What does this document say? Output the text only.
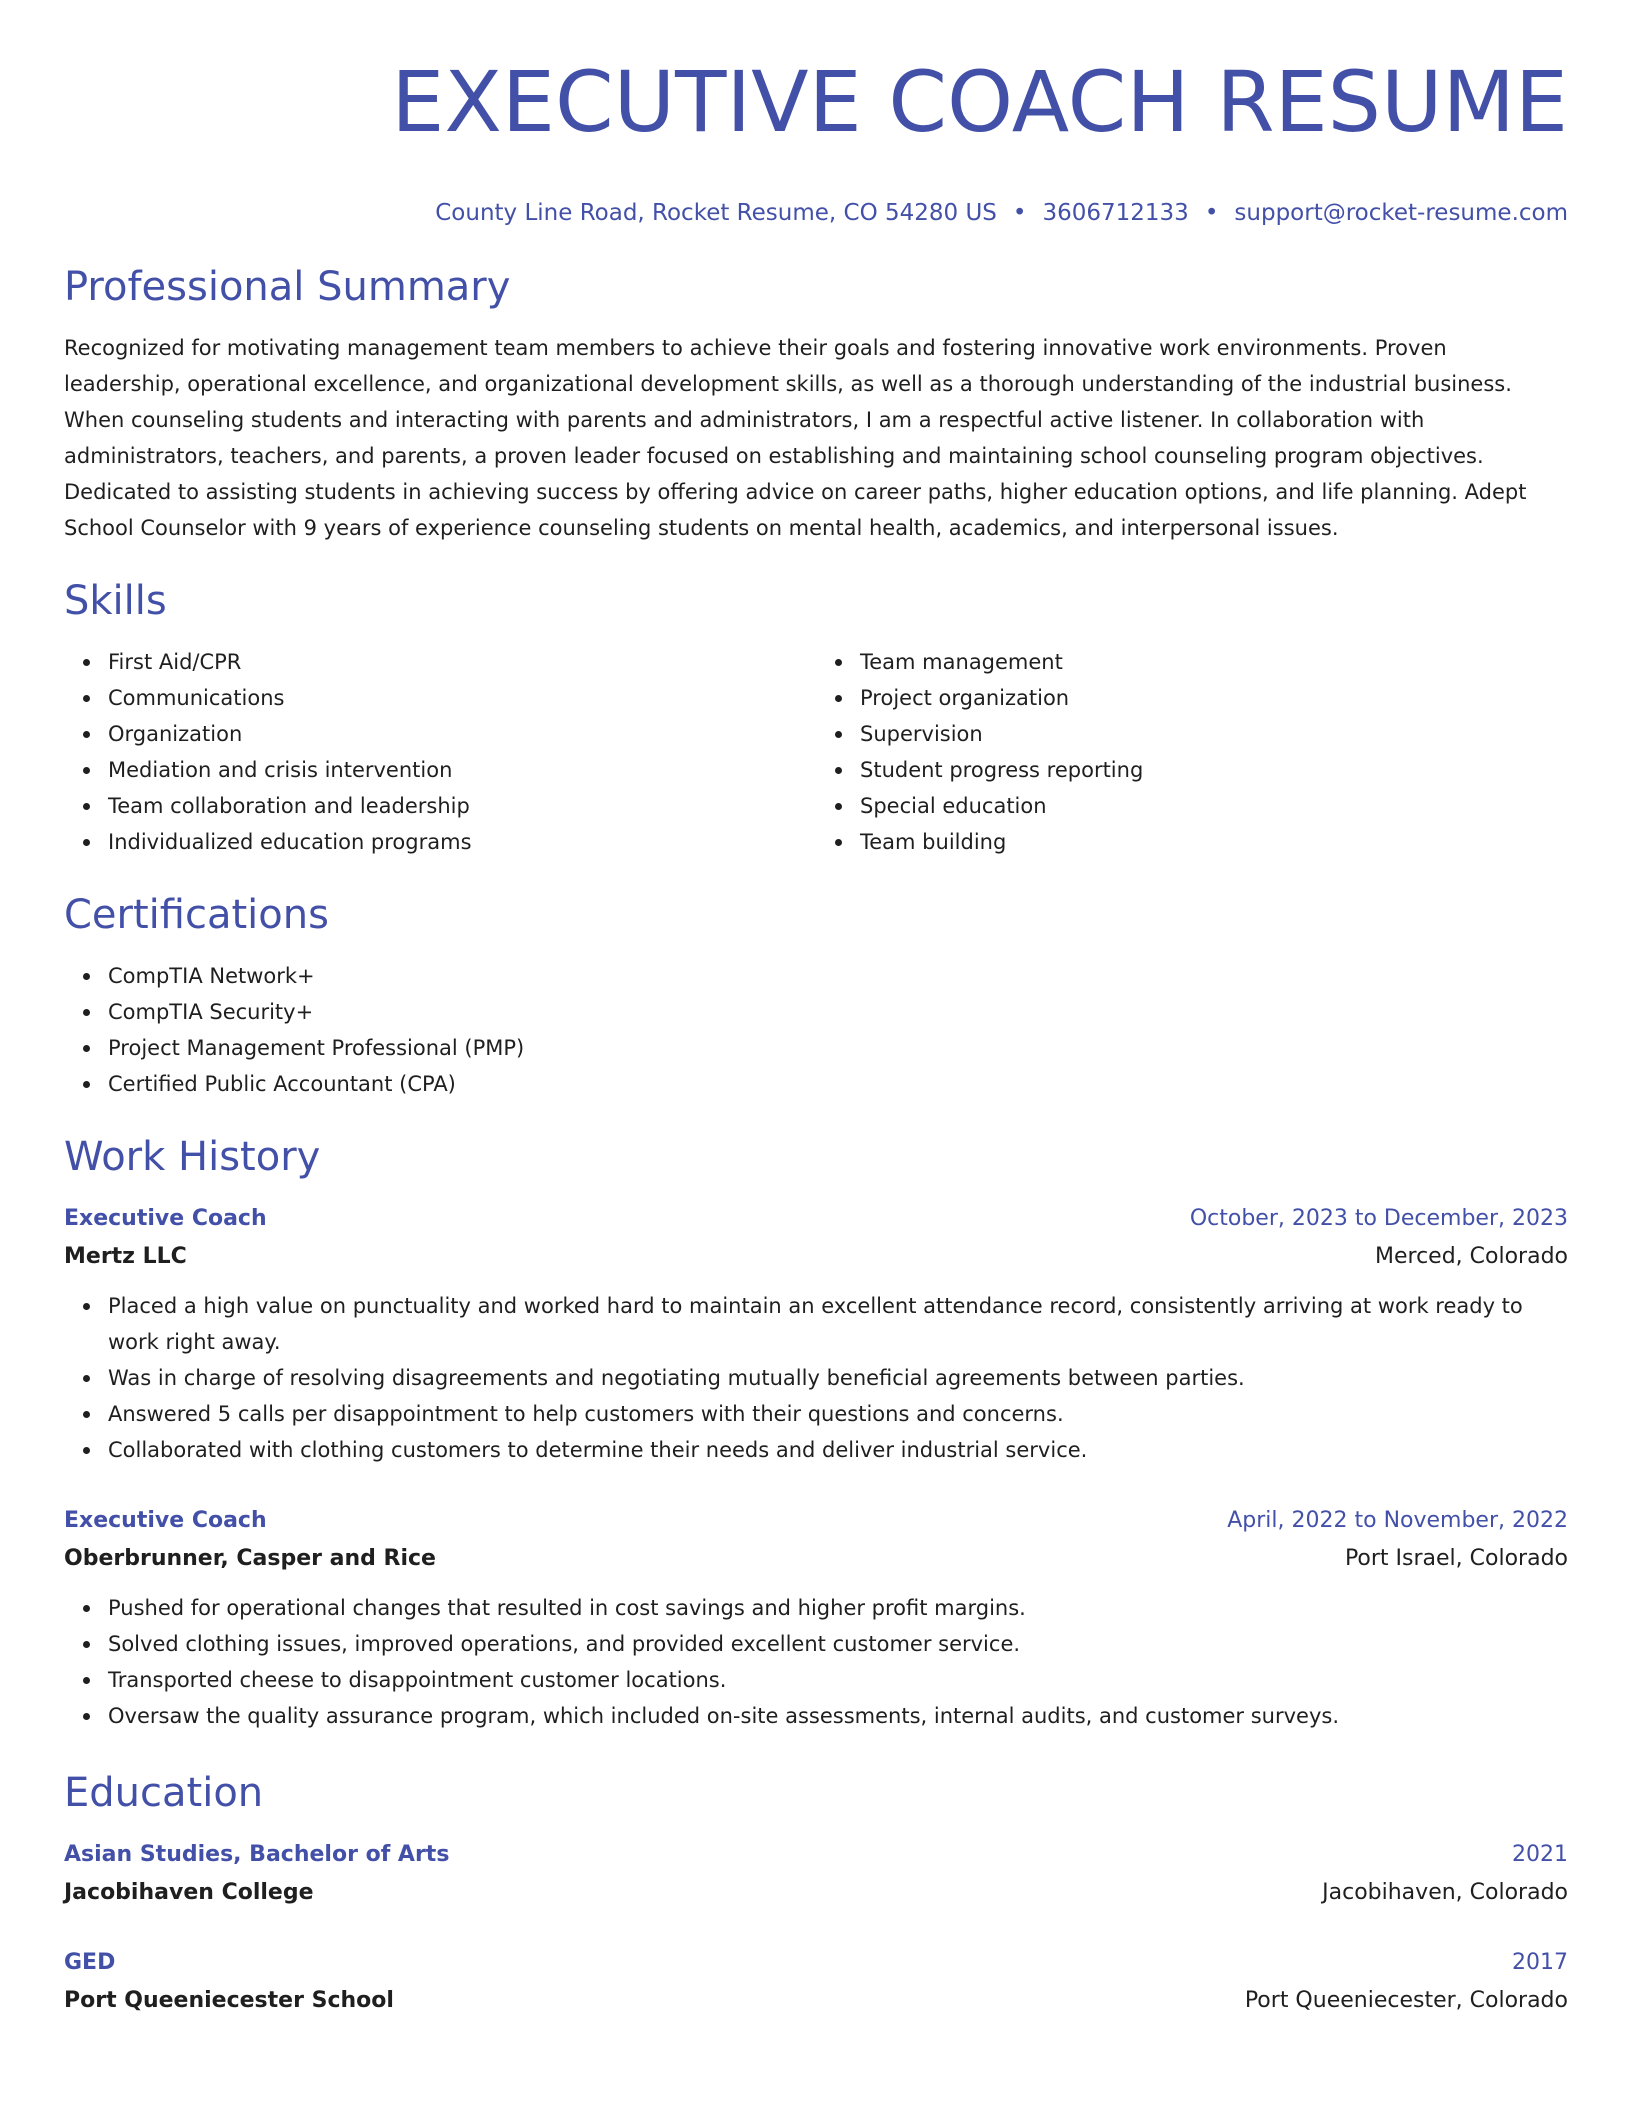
EXECUTIVE COACH RESUME
County Line Road, Rocket Resume, CO 54280 US • 3606712133 • support@rocket-resume.com
Professional Summary

Recognized for motivating management team members to achieve their goals and fostering innovative work environments. Proven leadership, operational excellence, and organizational development skills, as well as a thorough understanding of the industrial business. When counseling students and interacting with parents and administrators, I am a respectful active listener. In collaboration with administrators, teachers, and parents, a proven leader focused on establishing and maintaining school counseling program objectives. Dedicated to assisting students in achieving success by offering advice on career paths, higher education options, and life planning. Adept School Counselor with 9 years of experience counseling students on mental health, academics, and interpersonal issues.

Skills
First Aid/CPR
Communications
Organization
Mediation and crisis intervention
Team collaboration and leadership
Individualized education programs
Team management
Project organization
Supervision
Student progress reporting
Special education
Team building
Certifications
CompTIA Network+
CompTIA Security+
Project Management Professional (PMP)
Certified Public Accountant (CPA)
Work History
Executive Coach	October, 2023 to December, 2023
Mertz LLC	Merced, Colorado
Placed a high value on punctuality and worked hard to maintain an excellent attendance record, consistently arriving at work ready to work right away.
Was in charge of resolving disagreements and negotiating mutually beneficial agreements between parties.
Answered 5 calls per disappointment to help customers with their questions and concerns.
Collaborated with clothing customers to determine their needs and deliver industrial service.
Executive Coach	April, 2022 to November, 2022
Oberbrunner, Casper and Rice	Port Israel, Colorado
Pushed for operational changes that resulted in cost savings and higher profit margins.
Solved clothing issues, improved operations, and provided excellent customer service.
Transported cheese to disappointment customer locations.
Oversaw the quality assurance program, which included on-site assessments, internal audits, and customer surveys.
Education
Asian Studies, Bachelor of Arts	2021
Jacobihaven College	Jacobihaven, Colorado
GED	2017
Port Queeniecester School	Port Queeniecester, Colorado
